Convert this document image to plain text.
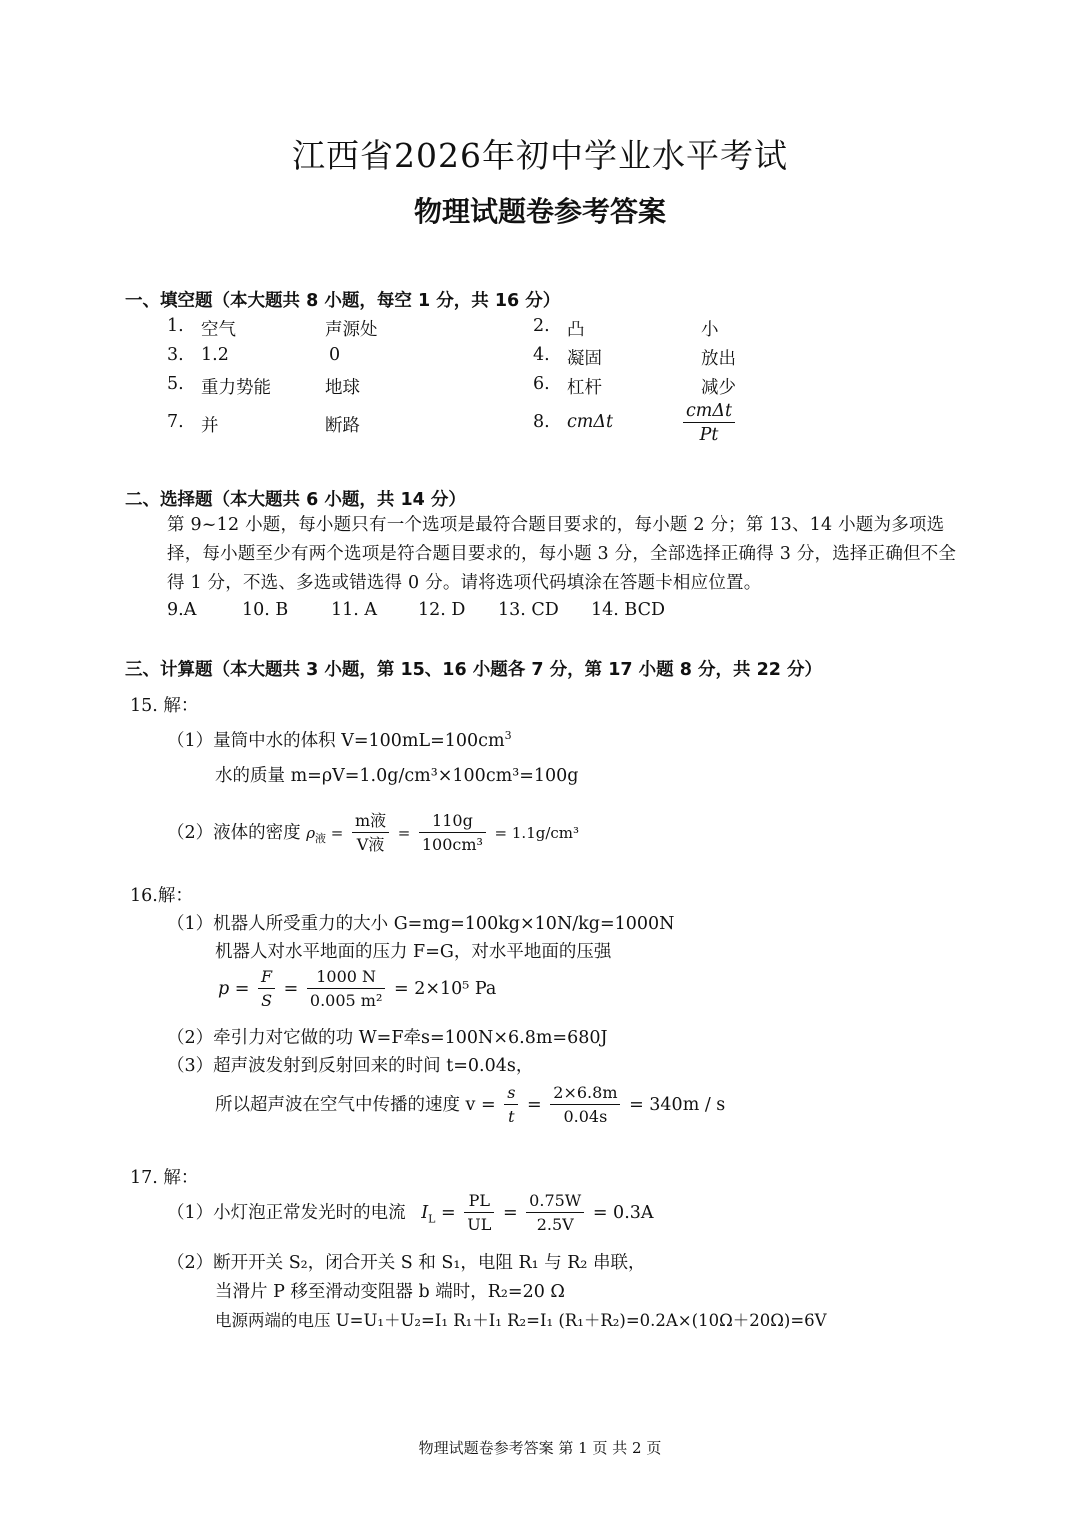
江西省2026年初中学业水平考试
物理试题卷参考答案
一、填空题（本大题共 8 小题，每空 1 分，共 16 分）
1. 空气	声源处	2. 凸	小
3. 1.2	0	4. 凝固	放出
5. 重力势能	地球	6. 杠杆	减少
7. 并	断路	8. cmΔt	$\frac{\text{cmΔt}}{Pt}$
二、选择题（本大题共 6 小题，共 14 分）
第 9~12 小题，每小题只有一个选项是最符合题目要求的，每小题 2 分；第 13、14 小题为多项选择，每小题至少有两个选项是符合题目要求的，每小题 3 分，全部选择正确得 3 分，选择正确但不全得 1 分，不选、多选或错选得 0 分。请将选项代码填涂在答题卡相应位置。
9.A	10. B 11. A 12. D 13. CD 14. BCD
三、计算题（本大题共 3 小题，第 15、16 小题各 7 分，第 17 小题 8 分，共 22 分）
15. 解：
（1）量筒中水的体积 $V=100mL=100cm^3$
水的质量 m=ρV=1.0g/cm³×100cm³=100g
（2）液体的密度 $\rho_液 = \frac{\text{m液}}{\text{V液}} = \frac{110g}{\text{100cm³}} = 1.1g/cm^3$
16.解：
（1）机器人所受重力的大小 G=mg=100kg×10N/kg=1000N
机器人对水平地面的压力 F=G，对水平地面的压强
$p = \frac{F}{S} = \frac{1000 N}{\text{0.005 m²}} = 2\times 10^5$ Pa
（2）牵引力对它做的功 W=F牵s=100N×6.8m=680J
（3）超声波发射到反射回来的时间 t=0.04s，
所以超声波在空气中传播的速度 $v = \frac{s}{t} = \frac{2\times 6.8m}{0.04s} = 340m / s$
17. 解：
（1）小灯泡正常发光时的电流 $I_L = \frac{PL}{UL} = \frac{0.75W}{2.5V} = 0.3A$
（2）断开开关 S₂，闭合开关 S 和 S₁，电阻 R₁ 与 R₂ 串联，
当滑片 P 移至滑动变阻器 b 端时，R₂=20 Ω
电源两端的电压 U=U₁＋U₂=I₁ R₁＋I₁ R₂=I₁ (R₁＋R₂)=0.2A×(10Ω＋20Ω)=6V
物理试题卷参考答案 第 1 页 共 2 页
